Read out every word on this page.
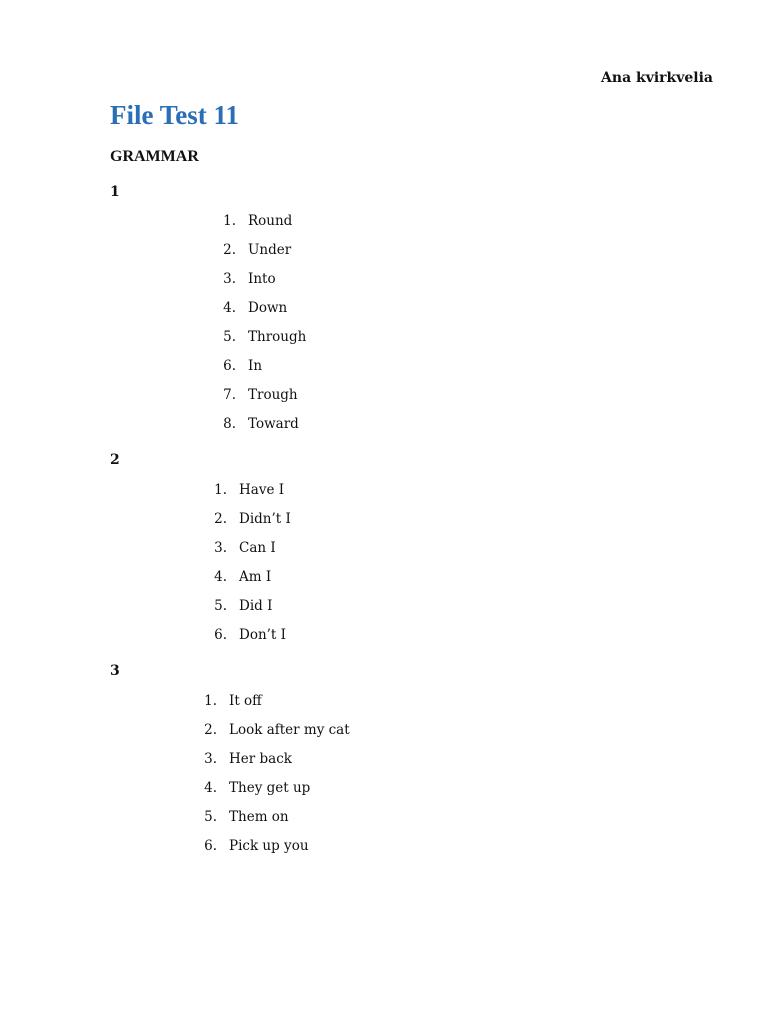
Ana kvirkvelia
File Test 11
GRAMMAR
1
1. Round
2. Under
3. Into
4. Down
5. Through
6. In
7. Trough
8. Toward
2
1. Have I
2. Didn’t I
3. Can I
4. Am I
5. Did I
6. Don’t I
3
1. It off
2. Look after my cat
3. Her back
4. They get up
5. Them on
6. Pick up you
